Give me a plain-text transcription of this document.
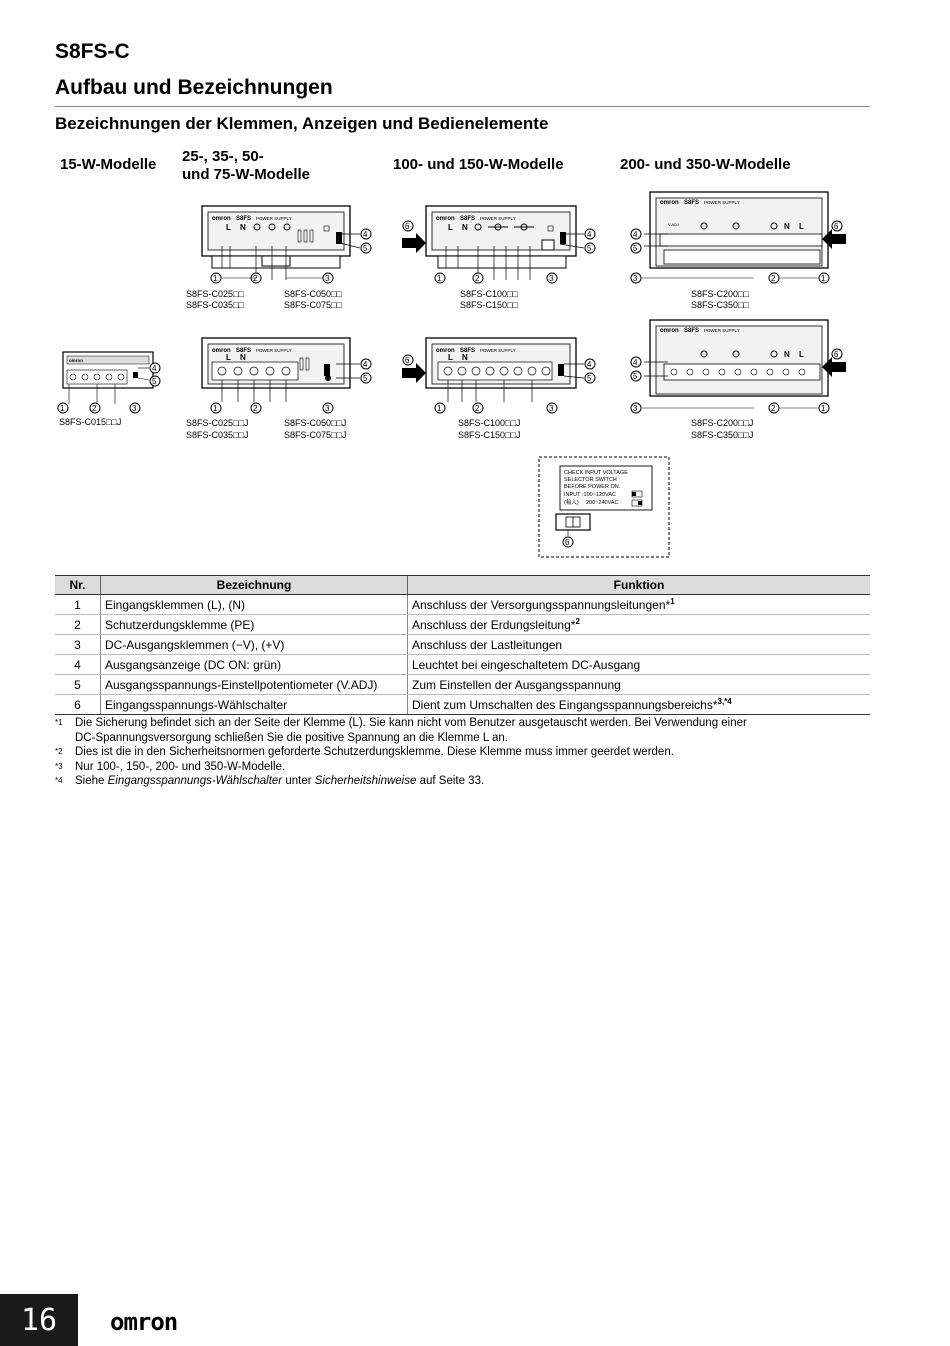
S8FS-C
Aufbau und Bezeichnungen
Bezeichnungen der Klemmen, Anzeigen und Bedienelemente
15-W-Modelle 25-, 35-, 50-
und 75-W-Modelle
100- und 150-W-Modelle	200- und 350-W-Modelle
omron S8FS POWER SUPPLY
L N
4
5
1	2	3
S8FS-C025□□
S8FS-C035□□
S8FS-C050□□
S8FS-C075□□
6
omron S8FS POWER SUPPLY
L N
4
5
1	2	3
S8FS-C100□□
S8FS-C150□□
omron S8FS POWER SUPPLY
V.ADJ	N L
4
5
6
3	2	1
S8FS-C200□□
S8FS-C350□□
omron
4
5
1	2	3
S8FS-C015□□J
omron S8FS POWER SUPPLY
L N
4
5
1	2	3
S8FS-C025□□J
S8FS-C035□□J
S8FS-C050□□J
S8FS-C075□□J
6
omron S8FS POWER SUPPLY
L N
4
5
1	2	3
S8FS-C100□□J
S8FS-C150□□J
omron S8FS POWER SUPPLY
N L
4
5
6
3	2	1
S8FS-C200□□J
S8FS-C350□□J
CHECK INPUT VOLTAGE
SELECTOR SWITCH
BEFORE POWER ON.
INPUT :100~120VAC
(輸入) 200~240VAC
6
Nr.	Bezeichnung	Funktion
1	Eingangsklemmen (L), (N)	Anschluss der Versorgungsspannungsleitungen*$^1$
2	Schutzerdungsklemme (PE)	Anschluss der Erdungsleitung*$^2$
3	DC-Ausgangsklemmen (−V), (+V)	Anschluss der Lastleitungen
4	Ausgangsanzeige (DC ON: grün)	Leuchtet bei eingeschaltetem DC-Ausgang
5	Ausgangsspannungs-Einstellpotentiometer (V.ADJ)	Zum Einstellen der Ausgangsspannung
6	Eingangsspannungs-Wählschalter	Dient zum Umschalten des Eingangsspannungsbereichs*$^{3,*4}$
*1	Die Sicherung befindet sich an der Seite der Klemme (L). Sie kann nicht vom Benutzer ausgetauscht werden. Bei Verwendung einer
DC-Spannungsversorgung schließen Sie die positive Spannung an die Klemme L an.
*2	Dies ist die in den Sicherheitsnormen geforderte Schutzerdungsklemme. Diese Klemme muss immer geerdet werden.
*3	Nur 100-, 150-, 200- und 350-W-Modelle.
*4	Siehe Eingangsspannungs-Wählschalter unter Sicherheitshinweise auf Seite 33.
16	omron
